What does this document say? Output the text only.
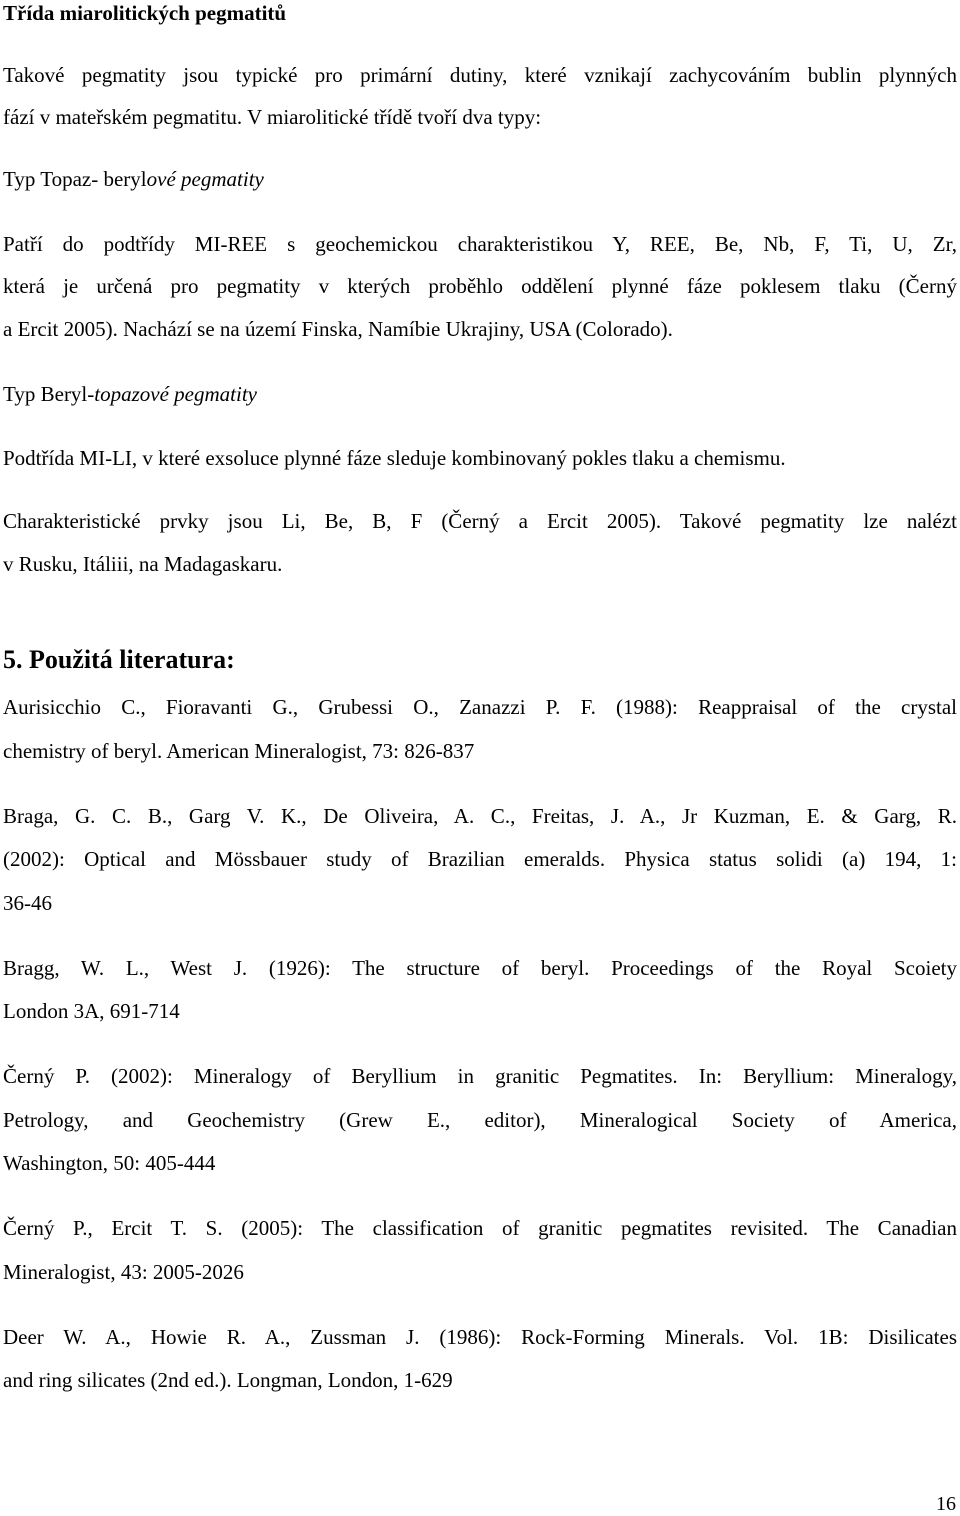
Třída miarolitických pegmatitů
Takové pegmatity jsou typické pro primární dutiny, které vznikají zachycováním bublin plynných
fází v mateřském pegmatitu. V miarolitické třídě tvoří dva typy:
Typ Topaz- berylové pegmatity
Patří do podtřídy MI-REE s geochemickou charakteristikou Y, REE, Be, Nb, F, Ti, U, Zr,
která je určená pro pegmatity v kterých proběhlo oddělení plynné fáze poklesem tlaku (Černý
a Ercit 2005). Nachází se na území Finska, Namíbie Ukrajiny, USA (Colorado).
Typ Beryl-topazové pegmatity
Podtřída MI-LI, v které exsoluce plynné fáze sleduje kombinovaný pokles tlaku a chemismu.
Charakteristické prvky jsou Li, Be, B, F (Černý a Ercit 2005). Takové pegmatity lze nalézt
v Rusku, Itáliii, na Madagaskaru.
5. Použitá literatura:
Aurisicchio C., Fioravanti G., Grubessi O., Zanazzi P. F. (1988): Reappraisal of the crystal
chemistry of beryl. American Mineralogist, 73: 826-837
Braga, G. C. B., Garg V. K., De Oliveira, A. C., Freitas, J. A., Jr Kuzman, E. & Garg, R.
(2002): Optical and Mössbauer study of Brazilian emeralds. Physica status solidi (a) 194, 1:
36-46
Bragg, W. L., West J. (1926): The structure of beryl. Proceedings of the Royal Scoiety
London 3A, 691-714
Černý P. (2002): Mineralogy of Beryllium in granitic Pegmatites. In: Beryllium: Mineralogy,
Petrology, and Geochemistry (Grew E., editor), Mineralogical Society of America,
Washington, 50: 405-444
Černý P., Ercit T. S. (2005): The classification of granitic pegmatites revisited. The Canadian
Mineralogist, 43: 2005-2026
Deer W. A., Howie R. A., Zussman J. (1986): Rock-Forming Minerals. Vol. 1B: Disilicates
and ring silicates (2nd ed.). Longman, London, 1-629
16
